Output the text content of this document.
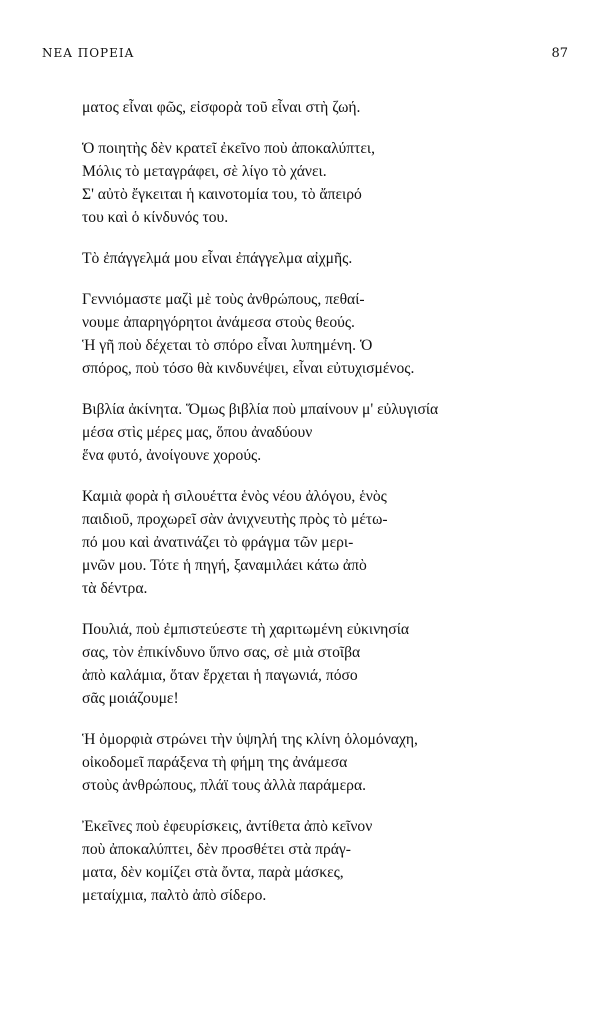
ΝΕΑ ΠΟΡΕΙΑ	87
ματος εἶναι φῶς, εἰσφορὰ τοῦ εἶναι στὴ ζωή.
Ὁ ποιητὴς δὲν κρατεῖ ἐκεῖνο ποὺ ἀποκαλύπτει,
Μόλις τὸ μεταγράφει, σὲ λίγο τὸ χάνει.
Σ' αὐτὸ ἔγκειται ἡ καινοτομία του, τὸ ἄπειρό
του καὶ ὁ κίνδυνός του.
Τὸ ἐπάγγελμά μου εἶναι ἐπάγγελμα αἰχμῆς.
Γεννιόμαστε μαζὶ μὲ τοὺς ἀνθρώπους, πεθαί-
νουμε ἀπαρηγόρητοι ἀνάμεσα στοὺς θεούς.
Ἡ γῆ ποὺ δέχεται τὸ σπόρο εἶναι λυπημένη. Ὁ
σπόρος, ποὺ τόσο θὰ κινδυνέψει, εἶναι εὐτυχισμένος.
Βιβλία ἀκίνητα. Ὅμως βιβλία ποὺ μπαίνουν μ' εὐλυγισία
μέσα στὶς μέρες μας, ὅπου ἀναδύουν
ἕνα φυτό, ἀνοίγουνε χορούς.
Καμιὰ φορὰ ἡ σιλουέττα ἑνὸς νέου ἀλόγου, ἑνὸς
παιδιοῦ, προχωρεῖ σὰν ἀνιχνευτὴς πρὸς τὸ μέτω-
πό μου καὶ ἀνατινάζει τὸ φράγμα τῶν μερι-
μνῶν μου. Τότε ἡ πηγή, ξαναμιλάει κάτω ἀπὸ
τὰ δέντρα.
Πουλιά, ποὺ ἐμπιστεύεστε τὴ χαριτωμένη εὐκινησία
σας, τὸν ἐπικίνδυνο ὕπνο σας, σὲ μιὰ στοῖβα
ἀπὸ καλάμια, ὅταν ἔρχεται ἡ παγωνιά, πόσο
σᾶς μοιάζουμε!
Ἡ ὀμορφιὰ στρώνει τὴν ὑψηλή της κλίνη ὁλομόναχη,
οἰκοδομεῖ παράξενα τὴ φήμη της ἀνάμεσα
στοὺς ἀνθρώπους, πλάϊ τους ἀλλὰ παράμερα.
Ἐκεῖνες ποὺ ἐφευρίσκεις, ἀντίθετα ἀπὸ κεῖνον
ποὺ ἀποκαλύπτει, δὲν προσθέτει στὰ πράγ-
ματα, δὲν κομίζει στὰ ὄντα, παρὰ μάσκες,
μεταίχμια, παλτὸ ἀπὸ σίδερο.
